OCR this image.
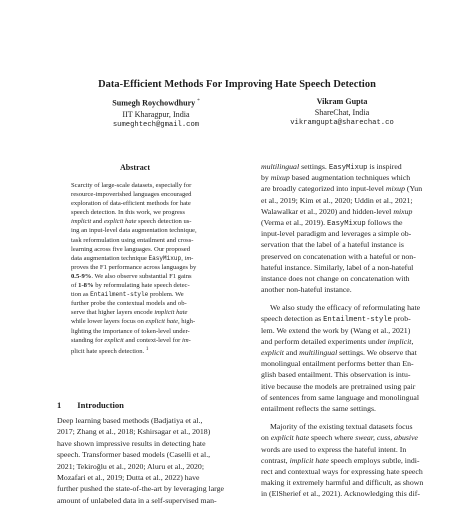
Data-Efficient Methods For Improving Hate Speech Detection
Sumegh Roychowdhury *
IIT Kharagpur, India
sumeghtech@gmail.com
Vikram Gupta
ShareChat, India
vikramgupta@sharechat.co
Abstract
Scarcity of large-scale datasets, especially for
resource-impoverished languages encouraged
exploration of data-efficient methods for hate
speech detection. In this work, we progress
implicit and explicit hate speech detection us-
ing an input-level data augmentation technique,
task reformulation using entailment and cross-
learning across five languages. Our proposed
data augmentation technique EasyMixup, im-
proves the F1 performance across languages by
0.5-9%. We also observe substantial F1 gains
of 1-8% by reformulating hate speech detec-
tion as Entailment-style problem. We
further probe the contextual models and ob-
serve that higher layers encode implicit hate
while lower layers focus on explicit hate, high-
lighting the importance of token-level under-
standing for explicit and context-level for im-
plicit hate speech detection. $^1$
1 Introduction
Deep learning based methods (Badjatiya et al.,
2017; Zhang et al., 2018; Kshirsagar et al., 2018)
have shown impressive results in detecting hate
speech. Transformer based models (Caselli et al.,
2021; Tekiroğlu et al., 2020; Aluru et al., 2020;
Mozafari et al., 2019; Dutta et al., 2022) have
further pushed the state-of-the-art by leveraging large
amount of unlabeled data in a self-supervised man-
multilingual settings. EasyMixup is inspired
by mixup based augmentation techniques which
are broadly categorized into input-level mixup (Yun
et al., 2019; Kim et al., 2020; Uddin et al., 2021;
Walawalkar et al., 2020) and hidden-level mixup
(Verma et al., 2019). EasyMixup follows the
input-level paradigm and leverages a simple ob-
servation that the label of a hateful instance is
preserved on concatenation with a hateful or non-
hateful instance. Similarly, label of a non-hateful
instance does not change on concatenation with
another non-hateful instance.
We also study the efficacy of reformulating hate
speech detection as Entailment-style prob-
lem. We extend the work by (Wang et al., 2021)
and perform detailed experiments under implicit,
explicit and multilingual settings. We observe that
monolingual entailment performs better than En-
glish based entailment. This observation is intu-
itive because the models are pretrained using pair
of sentences from same language and monolingual
entailment reflects the same settings.
Majority of the existing textual datasets focus
on explicit hate speech where swear, cuss, abusive
words are used to express the hateful intent. In
contrast, implicit hate speech employs subtle, indi-
rect and contextual ways for expressing hate speech
making it extremely harmful and difficult, as shown
in (ElSherief et al., 2021). Acknowledging this dif-
